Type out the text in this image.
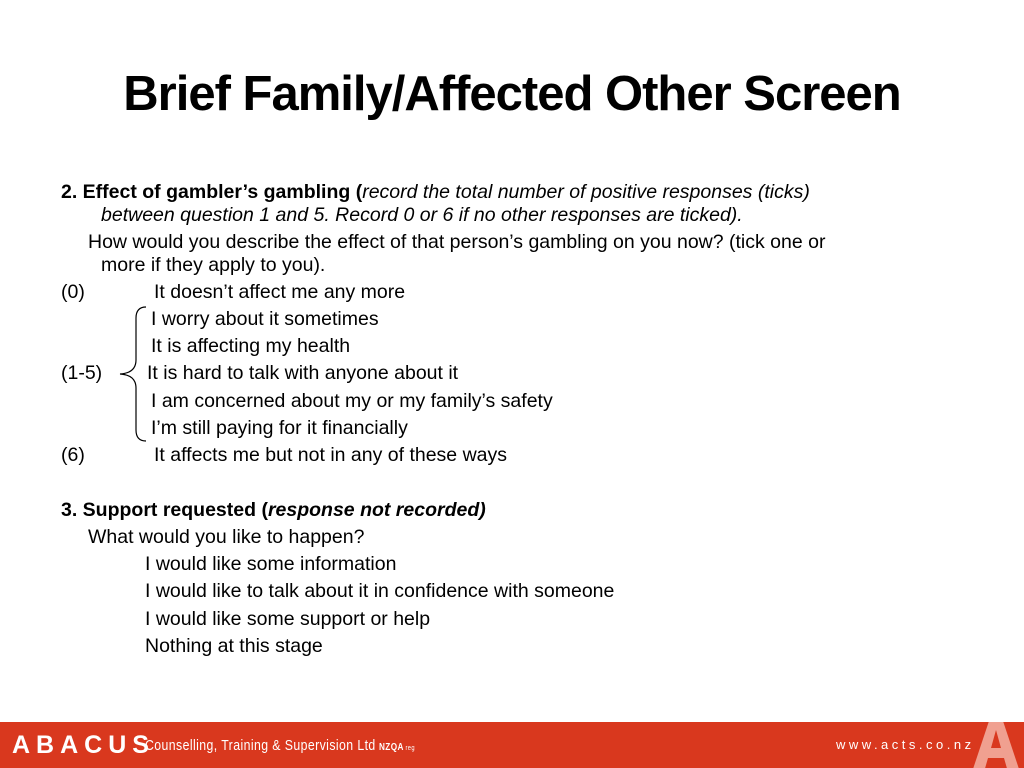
Brief Family/Affected Other Screen
2. Effect of gambler’s gambling (record the total number of positive responses (ticks)
between question 1 and 5. Record 0 or 6 if no other responses are ticked).
How would you describe the effect of that person’s gambling on you now? (tick one or
more if they apply to you).
(0)	It doesn’t affect me any more
I worry about it sometimes
It is affecting my health
(1-5) It is hard to talk with anyone about it
I am concerned about my or my family’s safety
I’m still paying for it financially
(6)	It affects me but not in any of these ways
3. Support requested (response not recorded)
What would you like to happen?
I would like some information
I would like to talk about it in confidence with someone
I would like some support or help
Nothing at this stage
ABACUS
Counselling, Training & Supervision Ltd NZQA reg	www.acts.co.nz
